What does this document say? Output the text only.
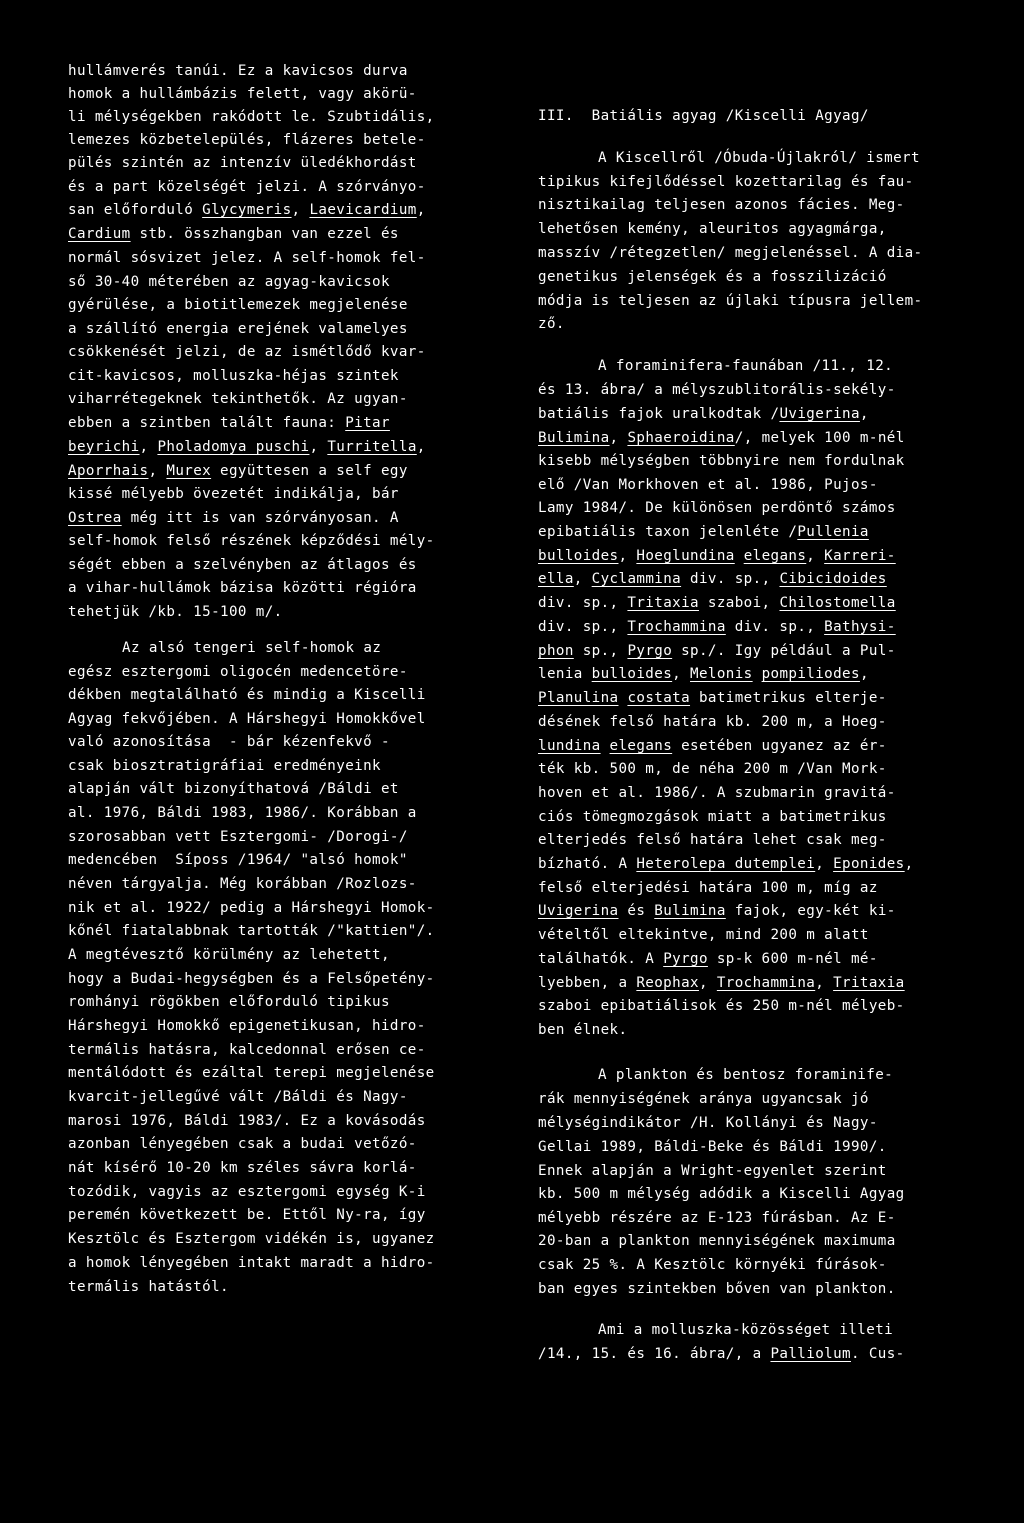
hullámverés tanúi. Ez a kavicsos durva
homok a hullámbázis felett, vagy akörü-
li mélységekben rakódott le. Szubtidális,
lemezes közbetelepülés, flázeres betele-
pülés szintén az intenzív üledékhordást
és a part közelségét jelzi. A szórványo-
san előforduló Glycymeris, Laevicardium,
Cardium stb. összhangban van ezzel és
normál sósvizet jelez. A self-homok fel-
ső 30-40 méterében az agyag-kavicsok
gyérülése, a biotitlemezek megjelenése
a szállító energia erejének valamelyes
csökkenését jelzi, de az ismétlődő kvar-
cit-kavicsos, molluszka-héjas szintek
viharrétegeknek tekinthetők. Az ugyan-
ebben a szintben talált fauna: Pitar
beyrichi, Pholadomya puschi, Turritella,
Aporrhais, Murex együttesen a self egy
kissé mélyebb övezetét indikálja, bár
Ostrea még itt is van szórványosan. A
self-homok felső részének képződési mély-
ségét ebben a szelvényben az átlagos és
a vihar-hullámok bázisa közötti régióra
tehetjük /kb. 15-100 m/.
Az alsó tengeri self-homok az
egész esztergomi oligocén medencetöre-
dékben megtalálható és mindig a Kiscelli
Agyag fekvőjében. A Hárshegyi Homokkővel
való azonosítása  - bár kézenfekvő -
csak biosztratigráfiai eredményeink
alapján vált bizonyíthatová /Báldi et
al. 1976, Báldi 1983, 1986/. Korábban a
szorosabban vett Esztergomi- /Dorogi-/
medencében  Síposs /1964/ "alsó homok"
néven tárgyalja. Még korábban /Rozlozs-
nik et al. 1922/ pedig a Hárshegyi Homok-
kőnél fiatalabbnak tartották /"kattien"/.
A megtévesztő körülmény az lehetett,
hogy a Budai-hegységben és a Felsőpetény-
romhányi rögökben előforduló tipikus
Hárshegyi Homokkő epigenetikusan, hidro-
termális hatásra, kalcedonnal erősen ce-
mentálódott és ezáltal terepi megjelenése
kvarcit-jellegűvé vált /Báldi és Nagy-
marosi 1976, Báldi 1983/. Ez a kovásodás
azonban lényegében csak a budai vetőzó-
nát kísérő 10-20 km széles sávra korlá-
tozódik, vagyis az esztergomi egység K-i
peremén következett be. Ettől Ny-ra, így
Kesztölc és Esztergom vidékén is, ugyanez
a homok lényegében intakt maradt a hidro-
termális hatástól.
III.  Batiális agyag /Kiscelli Agyag/
A Kiscellről /Óbuda-Újlakról/ ismert
tipikus kifejlődéssel kozettarilag és fau-
nisztikailag teljesen azonos fácies. Meg-
lehetősen kemény, aleuritos agyagmárga,
masszív /rétegzetlen/ megjelenéssel. A dia-
genetikus jelenségek és a fosszilizáció
módja is teljesen az újlaki típusra jellem-
ző.
A foraminifera-faunában /11., 12.
és 13. ábra/ a mélyszublitorális-sekély-
batiális fajok uralkodtak /Uvigerina,
Bulimina, Sphaeroidina/, melyek 100 m-nél
kisebb mélységben többnyire nem fordulnak
elő /Van Morkhoven et al. 1986, Pujos-
Lamy 1984/. De különösen perdöntő számos
epibatiális taxon jelenléte /Pullenia
bulloides, Hoeglundina elegans, Karreri-
ella, Cyclammina div. sp., Cibicidoides
div. sp., Tritaxia szaboi, Chilostomella
div. sp., Trochammina div. sp., Bathysi-
phon sp., Pyrgo sp./. Igy például a Pul-
lenia bulloides, Melonis pompiliodes,
Planulina costata batimetrikus elterje-
désének felső határa kb. 200 m, a Hoeg-
lundina elegans esetében ugyanez az ér-
ték kb. 500 m, de néha 200 m /Van Mork-
hoven et al. 1986/. A szubmarin gravitá-
ciós tömegmozgások miatt a batimetrikus
elterjedés felső határa lehet csak meg-
bízható. A Heterolepa dutemplei, Eponides,
felső elterjedési határa 100 m, míg az
Uvigerina és Bulimina fajok, egy-két ki-
vételtől eltekintve, mind 200 m alatt
találhatók. A Pyrgo sp-k 600 m-nél mé-
lyebben, a Reophax, Trochammina, Tritaxia
szaboi epibatiálisok és 250 m-nél mélyeb-
ben élnek.
A plankton és bentosz foraminife-
rák mennyiségének aránya ugyancsak jó
mélységindikátor /H. Kollányi és Nagy-
Gellai 1989, Báldi-Beke és Báldi 1990/.
Ennek alapján a Wright-egyenlet szerint
kb. 500 m mélység adódik a Kiscelli Agyag
mélyebb részére az E-123 fúrásban. Az E-
20-ban a plankton mennyiségének maximuma
csak 25 %. A Kesztölc környéki fúrások-
ban egyes szintekben bőven van plankton.
Ami a molluszka-közösséget illeti
/14., 15. és 16. ábra/, a Palliolum. Cus-
